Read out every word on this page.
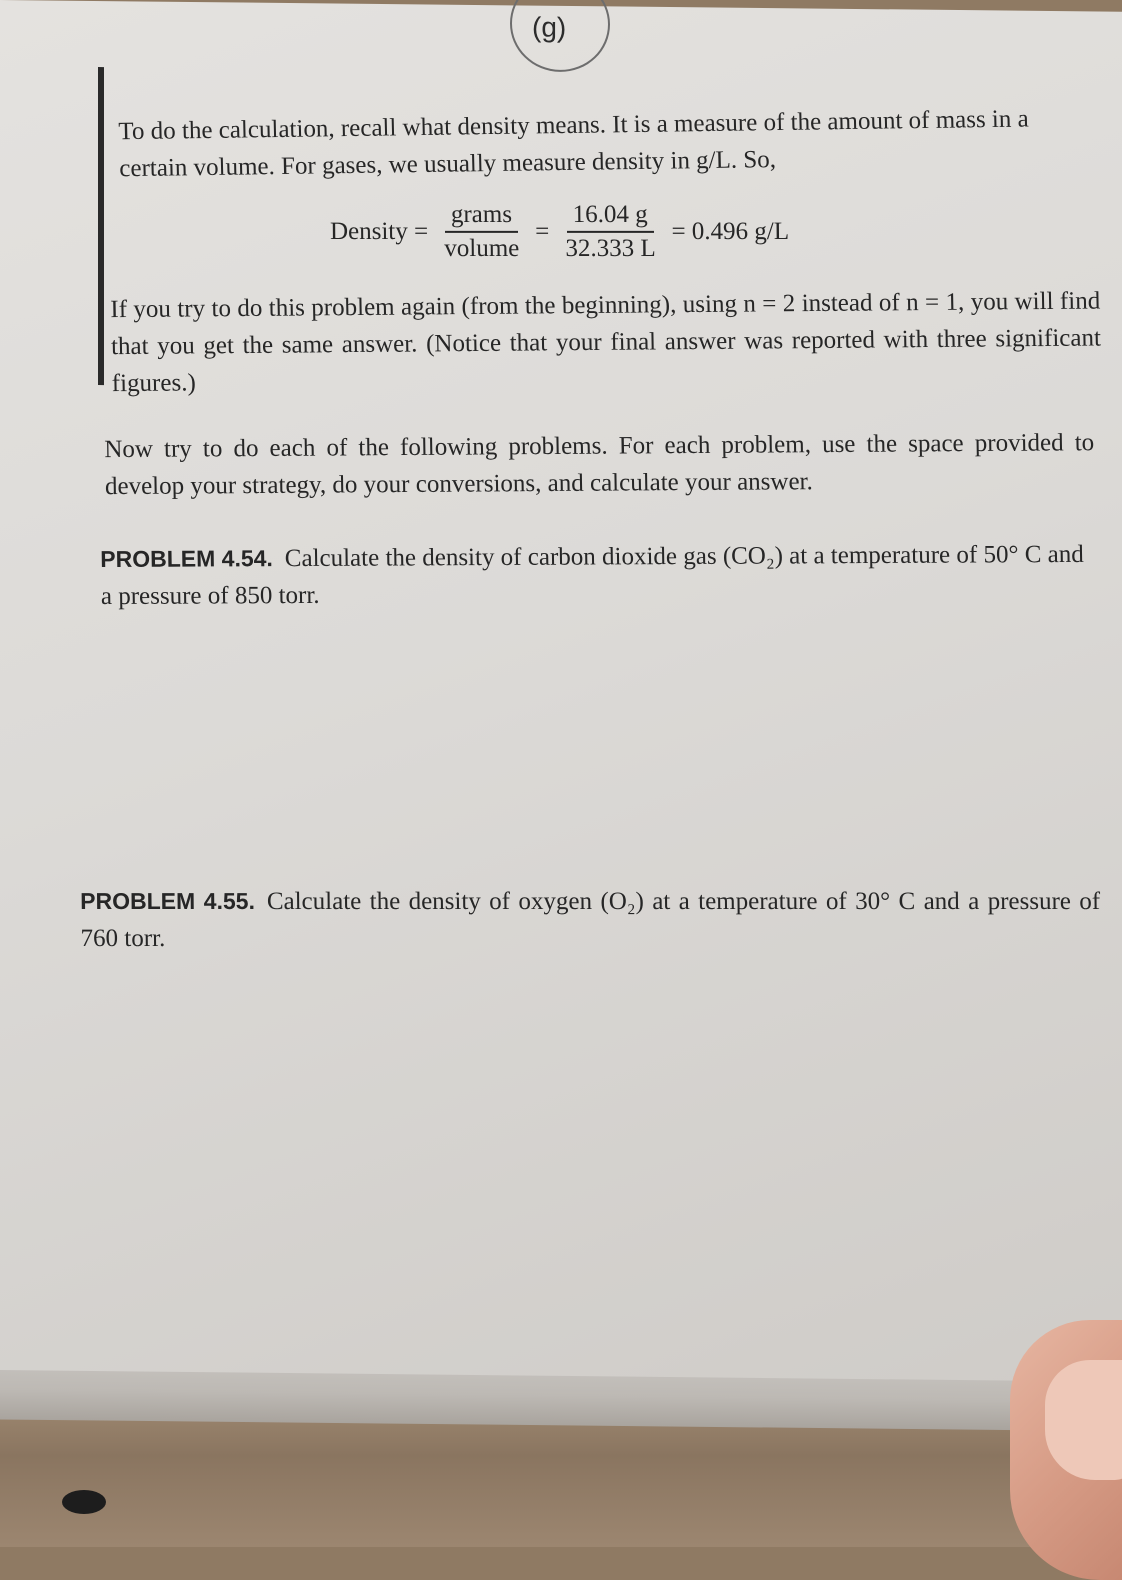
(g)
To do the calculation, recall what density means. It is a measure of the amount of mass in a certain volume. For gases, we usually measure density in g/L. So,
Density = $\frac{\text{grams}}{\text{volume}} = \frac{16.04 g}{32.333 L} = 0.496$ g/L
If you try to do this problem again (from the beginning), using n = 2 instead of n = 1, you will find that you get the same answer. (Notice that your final answer was reported with three significant figures.)
Now try to do each of the following problems. For each problem, use the space provided to develop your strategy, do your conversions, and calculate your answer.
PROBLEM 4.54. Calculate the density of carbon dioxide gas (CO₂) at a temperature of 50° C and a pressure of 850 torr.
PROBLEM 4.55. Calculate the density of oxygen (O₂) at a temperature of 30° C and a pressure of 760 torr.
